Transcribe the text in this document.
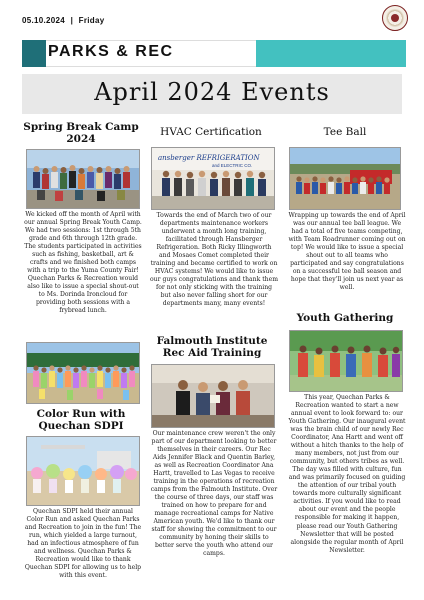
05.10.2024 | Friday
PARKS & REC
April 2024 Events
Spring Break Camp
2024
We kicked off the month of April with our annual Spring Break Youth Camp. We had two sessions: 1st through 5th grade and 6th through 12th grade. The students participated in activities such as fishing, basketball, art & crafts and we finished both camps with a trip to the Yuma County Fair! Quechan Parks & Recreation would also like to issue a special shout-out to Ms. Dorinda Ironcloud for providing both sessions with a frybread lunch.
Color Run with
Quechan SDPI
Quechan SDPI held their annual Color Run and asked Quechan Parks and Recreation to join in the fun! The run, which yielded a large turnout, had an infectious atmosphere of fun and wellness. Quechan Parks & Recreation would like to thank Quechan SDPI for allowing us to help with this event.
HVAC Certification
ansberger REFRIGERATION
and ELECTRIC CO.
Towards the end of March two of our departments maintenance workers underwent a month long training, facilitated through Hansberger Refrigeration. Both Ricky Illingworth and Mosaes Comet completed their training and became certified to work on HVAC systems! We would like to issue our guys congratulations and thank them for not only sticking with the training but also never falling short for our departments many, many events!
Falmouth Institute
Rec Aid Training
Our maintenance crew weren't the only part of our department looking to better themselves in their careers. Our Rec Aids Jennifer Black and Quentin Barley, as well as Recreation Coordinator Ana Hartt, travelled to Las Vegas to receive training in the operations of recreation camps from the Falmouth Institute. Over the course of three days, our staff was trained on how to prepare for and manage recreational camps for Native American youth. We'd like to thank our staff for showing the commitment to our community by honing their skills to better serve the youth who attend our camps.
Tee Ball
Wrapping up towards the end of April was our annual tee ball league. We had a total of five teams competing, with Team Roadrunner coming out on top! We would like to issue a special shout out to all teams who participated and say congratulations on a successful tee ball season and hope that they'll join us next year as well.
Youth Gathering
This year, Quechan Parks & Recreation wanted to start a new annual event to look forward to: our Youth Gathering. Our inaugural event was the brain child of our newly Rec Coordinator, Ana Hartt and went off without a hitch thanks to the help of many members, not just from our community, but others tribes as well. The day was filled with culture, fun and was primarily focused on guiding the attention of our tribal youth towards more culturally significant activities. If you would like to read about our event and the people responsible for making it happen, please read our Youth Gathering Newsletter that will be posted alongside the regular month of April Newsletter.
